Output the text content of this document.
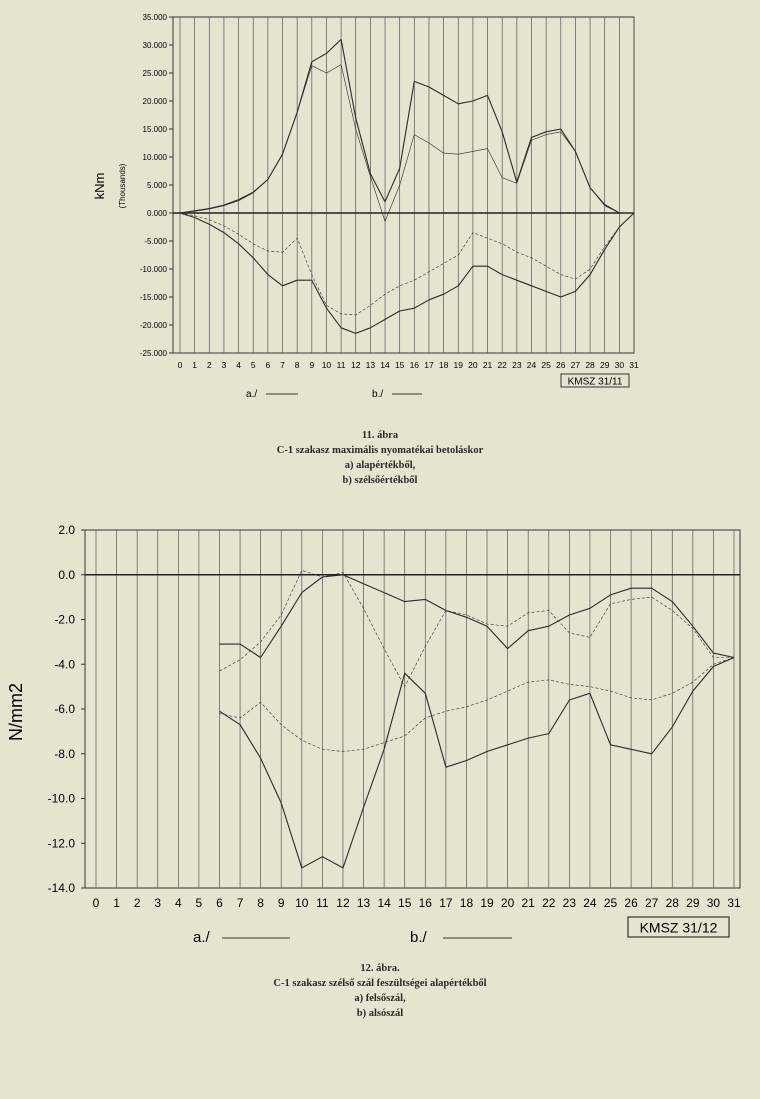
35.000
30.000
25.000
20.000
15.000
10.000
5.000
0.000
-5.000
-10.000
-15.000
-20.000
-25.000
0 1 2 3 4 5 6 7 8 9 10 11 12 13 14 15 16 17 18 19 20 21 22 23 24 25 26 27 28 29 30 31
kNm (Thousands)
a./	b./
KMSZ 31/11
2.0
0.0
-2.0
-4.0
-6.0
-8.0
-10.0
-12.0
-14.0
0 1 2 3 4 5 6 7 8 9 10 11 12 13 14 15 16 17 18 19 20 21 22 23 24 25 26 27 28 29 30 31
N/mm2
a./	b./
KMSZ 31/12
11. ábra
C-1 szakasz maximális nyomatékai betoláskor
a) alapértékből,
b) szélsőértékből
12. ábra.
C-1 szakasz szélső szál feszültségei alapértékből
a) felsőszál,
b) alsószál
